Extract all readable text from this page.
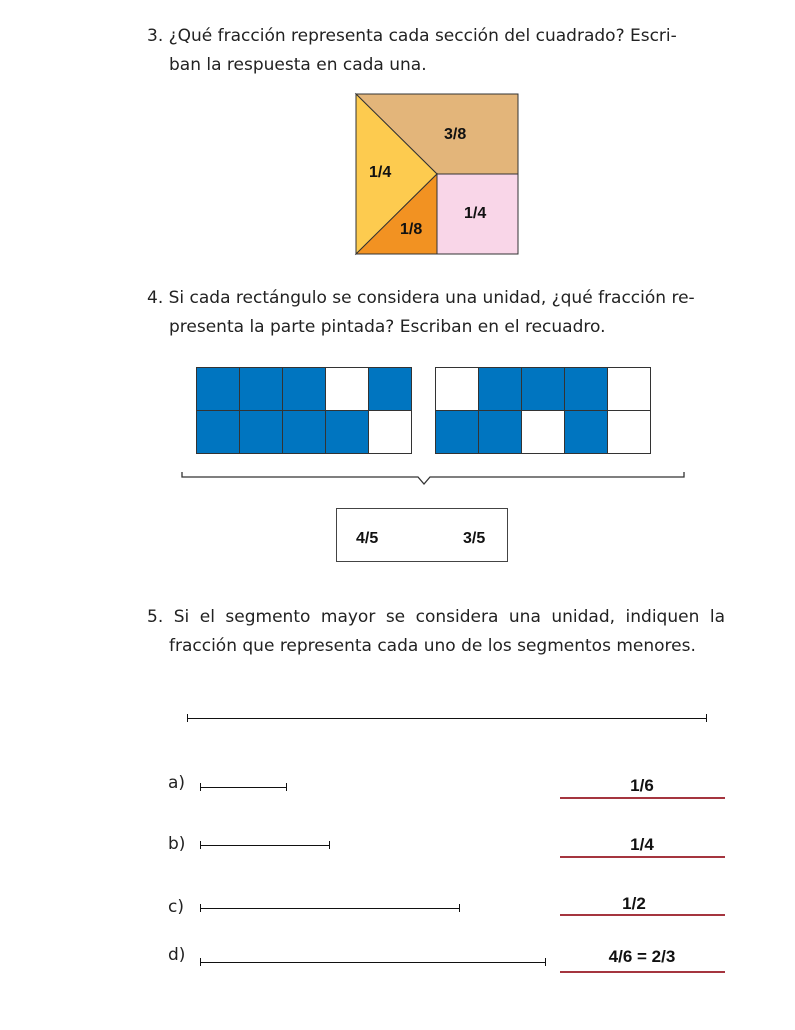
3. ¿Qué fracción representa cada sección del cuadrado? Escri-
ban la respuesta en cada una.
3/8
1/4
1/8
1/4
4. Si cada rectángulo se considera una unidad, ¿qué fracción re-
presenta la parte pintada? Escriban en el recuadro.
4/5	3/5
5. Si el segmento mayor se considera una unidad, indiquen la
fracción que representa cada uno de los segmentos menores.
a)	1/6
b)	1/4
c)	1/2
d)	4/6 = 2/3
